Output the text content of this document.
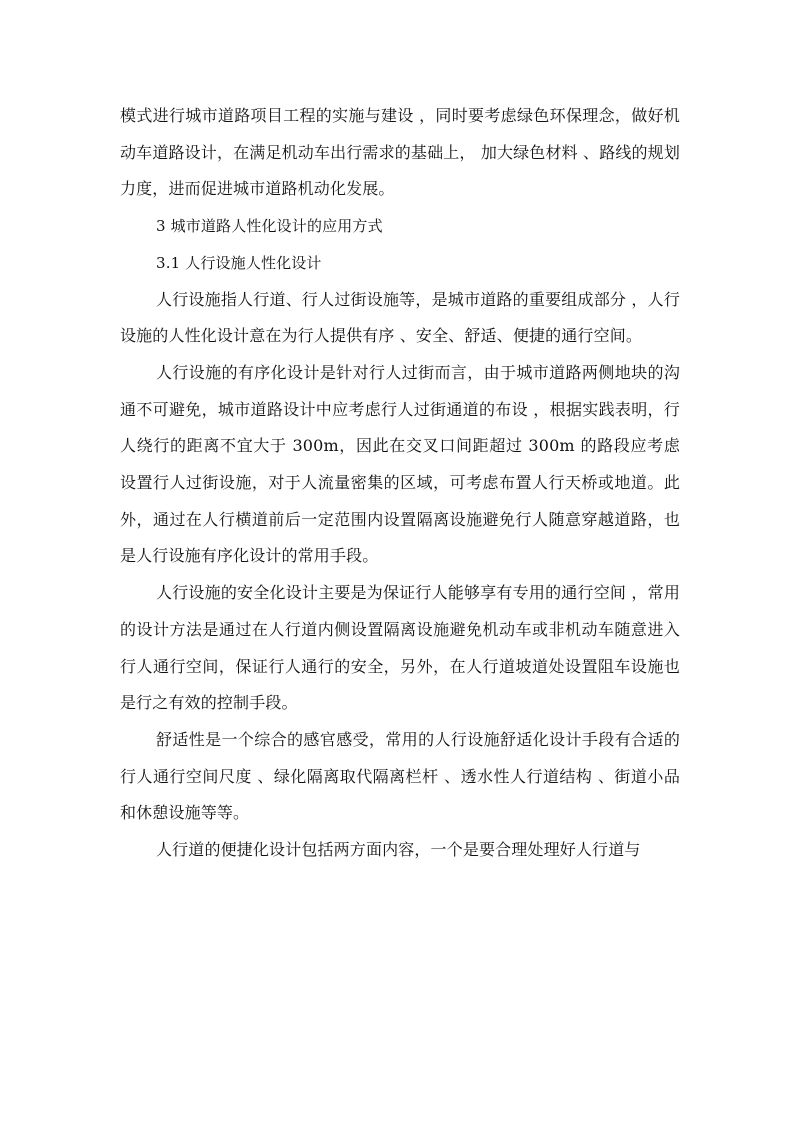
模式进行城市道路项目工程的实施与建设 ，同时要考虑绿色环保理念，做好机动车道路设计，在满足机动车出行需求的基础上， 加大绿色材料 、路线的规划力度，进而促进城市道路机动化发展。

3 城市道路人性化设计的应用方式

3.1 人行设施人性化设计

人行设施指人行道、行人过街设施等，是城市道路的重要组成部分 ，人行设施的人性化设计意在为行人提供有序 、安全、舒适、便捷的通行空间。

人行设施的有序化设计是针对行人过街而言，由于城市道路两侧地块的沟通不可避免，城市道路设计中应考虑行人过街通道的布设 ，根据实践表明，行人绕行的距离不宜大于 300m，因此在交叉口间距超过 300m 的路段应考虑设置行人过街设施，对于人流量密集的区域，可考虑布置人行天桥或地道。此外，通过在人行横道前后一定范围内设置隔离设施避免行人随意穿越道路，也是人行设施有序化设计的常用手段。

人行设施的安全化设计主要是为保证行人能够享有专用的通行空间 ，常用的设计方法是通过在人行道内侧设置隔离设施避免机动车或非机动车随意进入行人通行空间，保证行人通行的安全，另外，在人行道坡道处设置阻车设施也是行之有效的控制手段。

舒适性是一个综合的感官感受，常用的人行设施舒适化设计手段有合适的行人通行空间尺度 、绿化隔离取代隔离栏杆 、透水性人行道结构 、街道小品和休憩设施等等。

人行道的便捷化设计包括两方面内容，一个是要合理处理好人行道与
